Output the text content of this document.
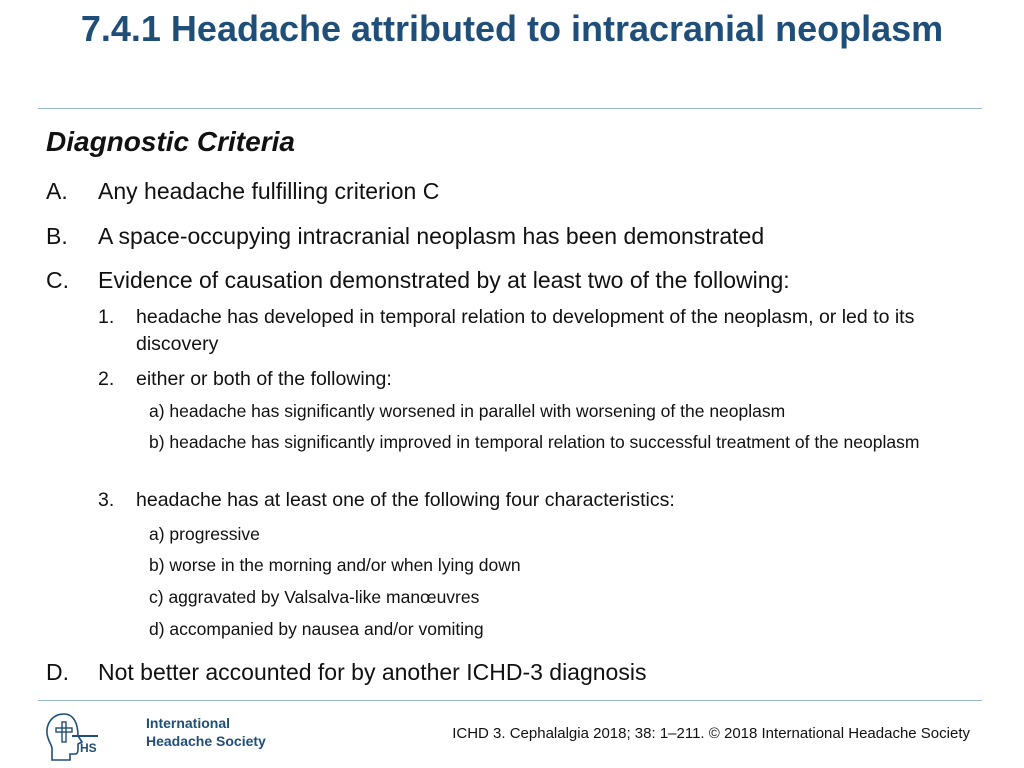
7.4.1 Headache attributed to intracranial neoplasm
Diagnostic Criteria
A. Any headache fulfilling criterion C
B. A space-occupying intracranial neoplasm has been demonstrated
C. Evidence of causation demonstrated by at least two of the following:
1.	headache has developed in temporal relation to development of the neoplasm, or led to its discovery
2.	either or both of the following:
a) headache has significantly worsened in parallel with worsening of the neoplasm
b) headache has significantly improved in temporal relation to successful treatment of the neoplasm
3.	headache has at least one of the following four characteristics:
a) progressive
b) worse in the morning and/or when lying down
c) aggravated by Valsalva-like manœuvres
d) accompanied by nausea and/or vomiting
D. Not better accounted for by another ICHD-3 diagnosis
HS
International
Headache Society	ICHD 3. Cephalalgia 2018; 38: 1–211. © 2018 International Headache Society
